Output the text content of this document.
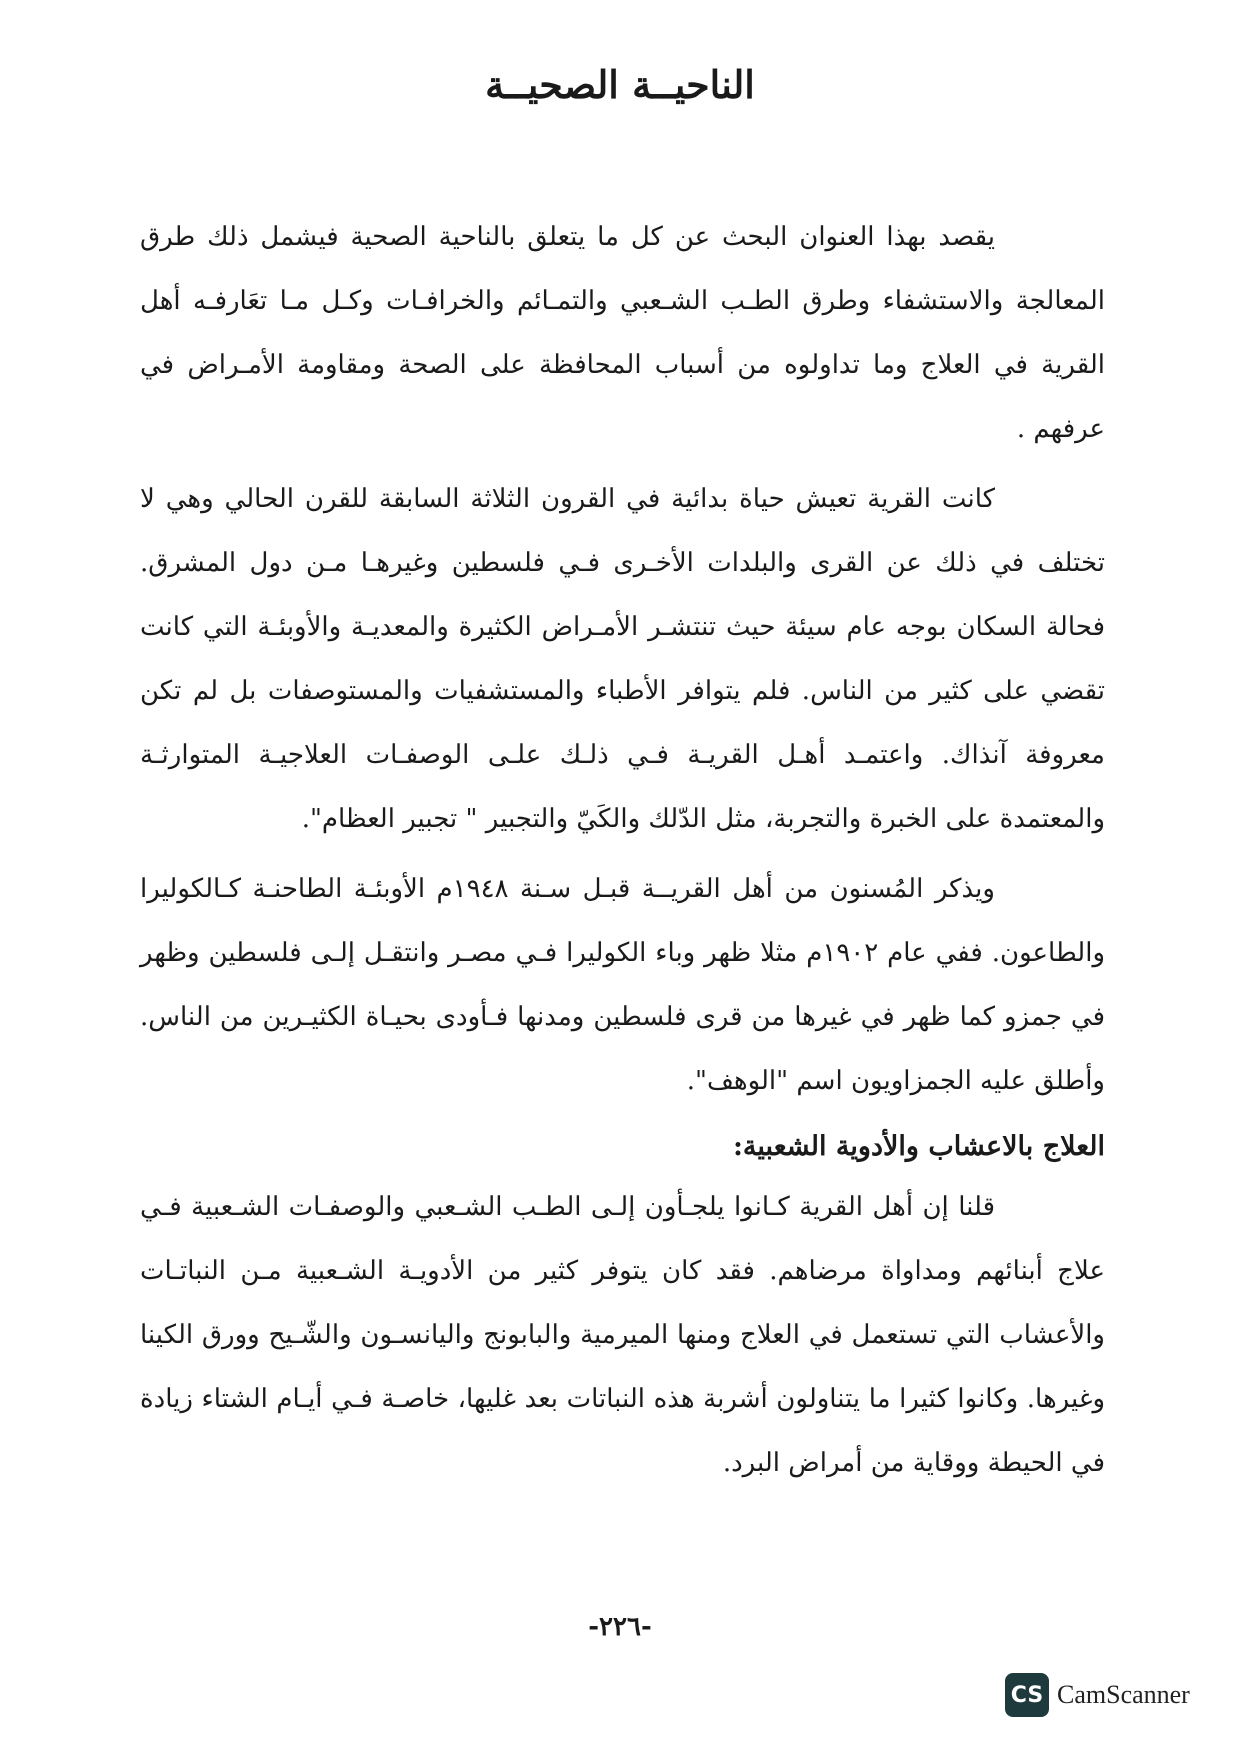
الناحيــة الصحيــة

يقصد بهذا العنوان البحث عن كل ما يتعلق بالناحية الصحية فيشمل ذلك طرق المعالجة والاستشفاء وطرق الطـب الشـعبي والتمـائم والخرافـات وكـل مـا تعَارفـه أهل القرية في العلاج وما تداولوه من أسباب المحافظة على الصحة ومقاومة الأمـراض في عرفهم .

كانت القرية تعيش حياة بدائية في القرون الثلاثة السابقة للقرن الحالي وهي لا تختلف في ذلك عن القرى والبلدات الأخـرى فـي فلسطين وغيرهـا مـن دول المشرق. فحالة السكان بوجه عام سيئة حيث تنتشـر الأمـراض الكثيرة والمعديـة والأوبئـة التي كانت تقضي على كثير من الناس. فلم يتوافر الأطباء والمستشفيات والمستوصفات بل لم تكن معروفة آنذاك. واعتمـد أهـل القريـة فـي ذلـك علـى الوصفـات العلاجيـة المتوارثـة والمعتمدة على الخبرة والتجربة، مثل الدّلك والكَيّ والتجبير " تجبير العظام".

ويذكر المُسنون من أهل القريــة قبـل سـنة ١٩٤٨م الأوبئـة الطاحنـة كـالكوليرا والطاعون. ففي عام ١٩٠٢م مثلا ظهر وباء الكوليرا فـي مصـر وانتقـل إلـى فلسطين وظهر في جمزو كما ظهر في غيرها من قرى فلسطين ومدنها فـأودى بحيـاة الكثيـرين من الناس. وأطلق عليه الجمزاويون اسم "الوهف".

العلاج بالاعشاب والأدوية الشعبية:

قلنا إن أهل القرية كـانوا يلجـأون إلـى الطـب الشـعبي والوصفـات الشـعبية فـي علاج أبنائهم ومداواة مرضاهم. فقد كان يتوفر كثير من الأدويـة الشـعبية مـن النباتـات والأعشاب التي تستعمل في العلاج ومنها الميرمية والبابونج واليانسـون والشّـيح وورق الكينا وغيرها. وكانوا كثيرا ما يتناولون أشربة هذه النباتات بعد غليها، خاصـة فـي أيـام الشتاء زيادة في الحيطة ووقاية من أمراض البرد.

-٢٢٦-
CS CamScanner
